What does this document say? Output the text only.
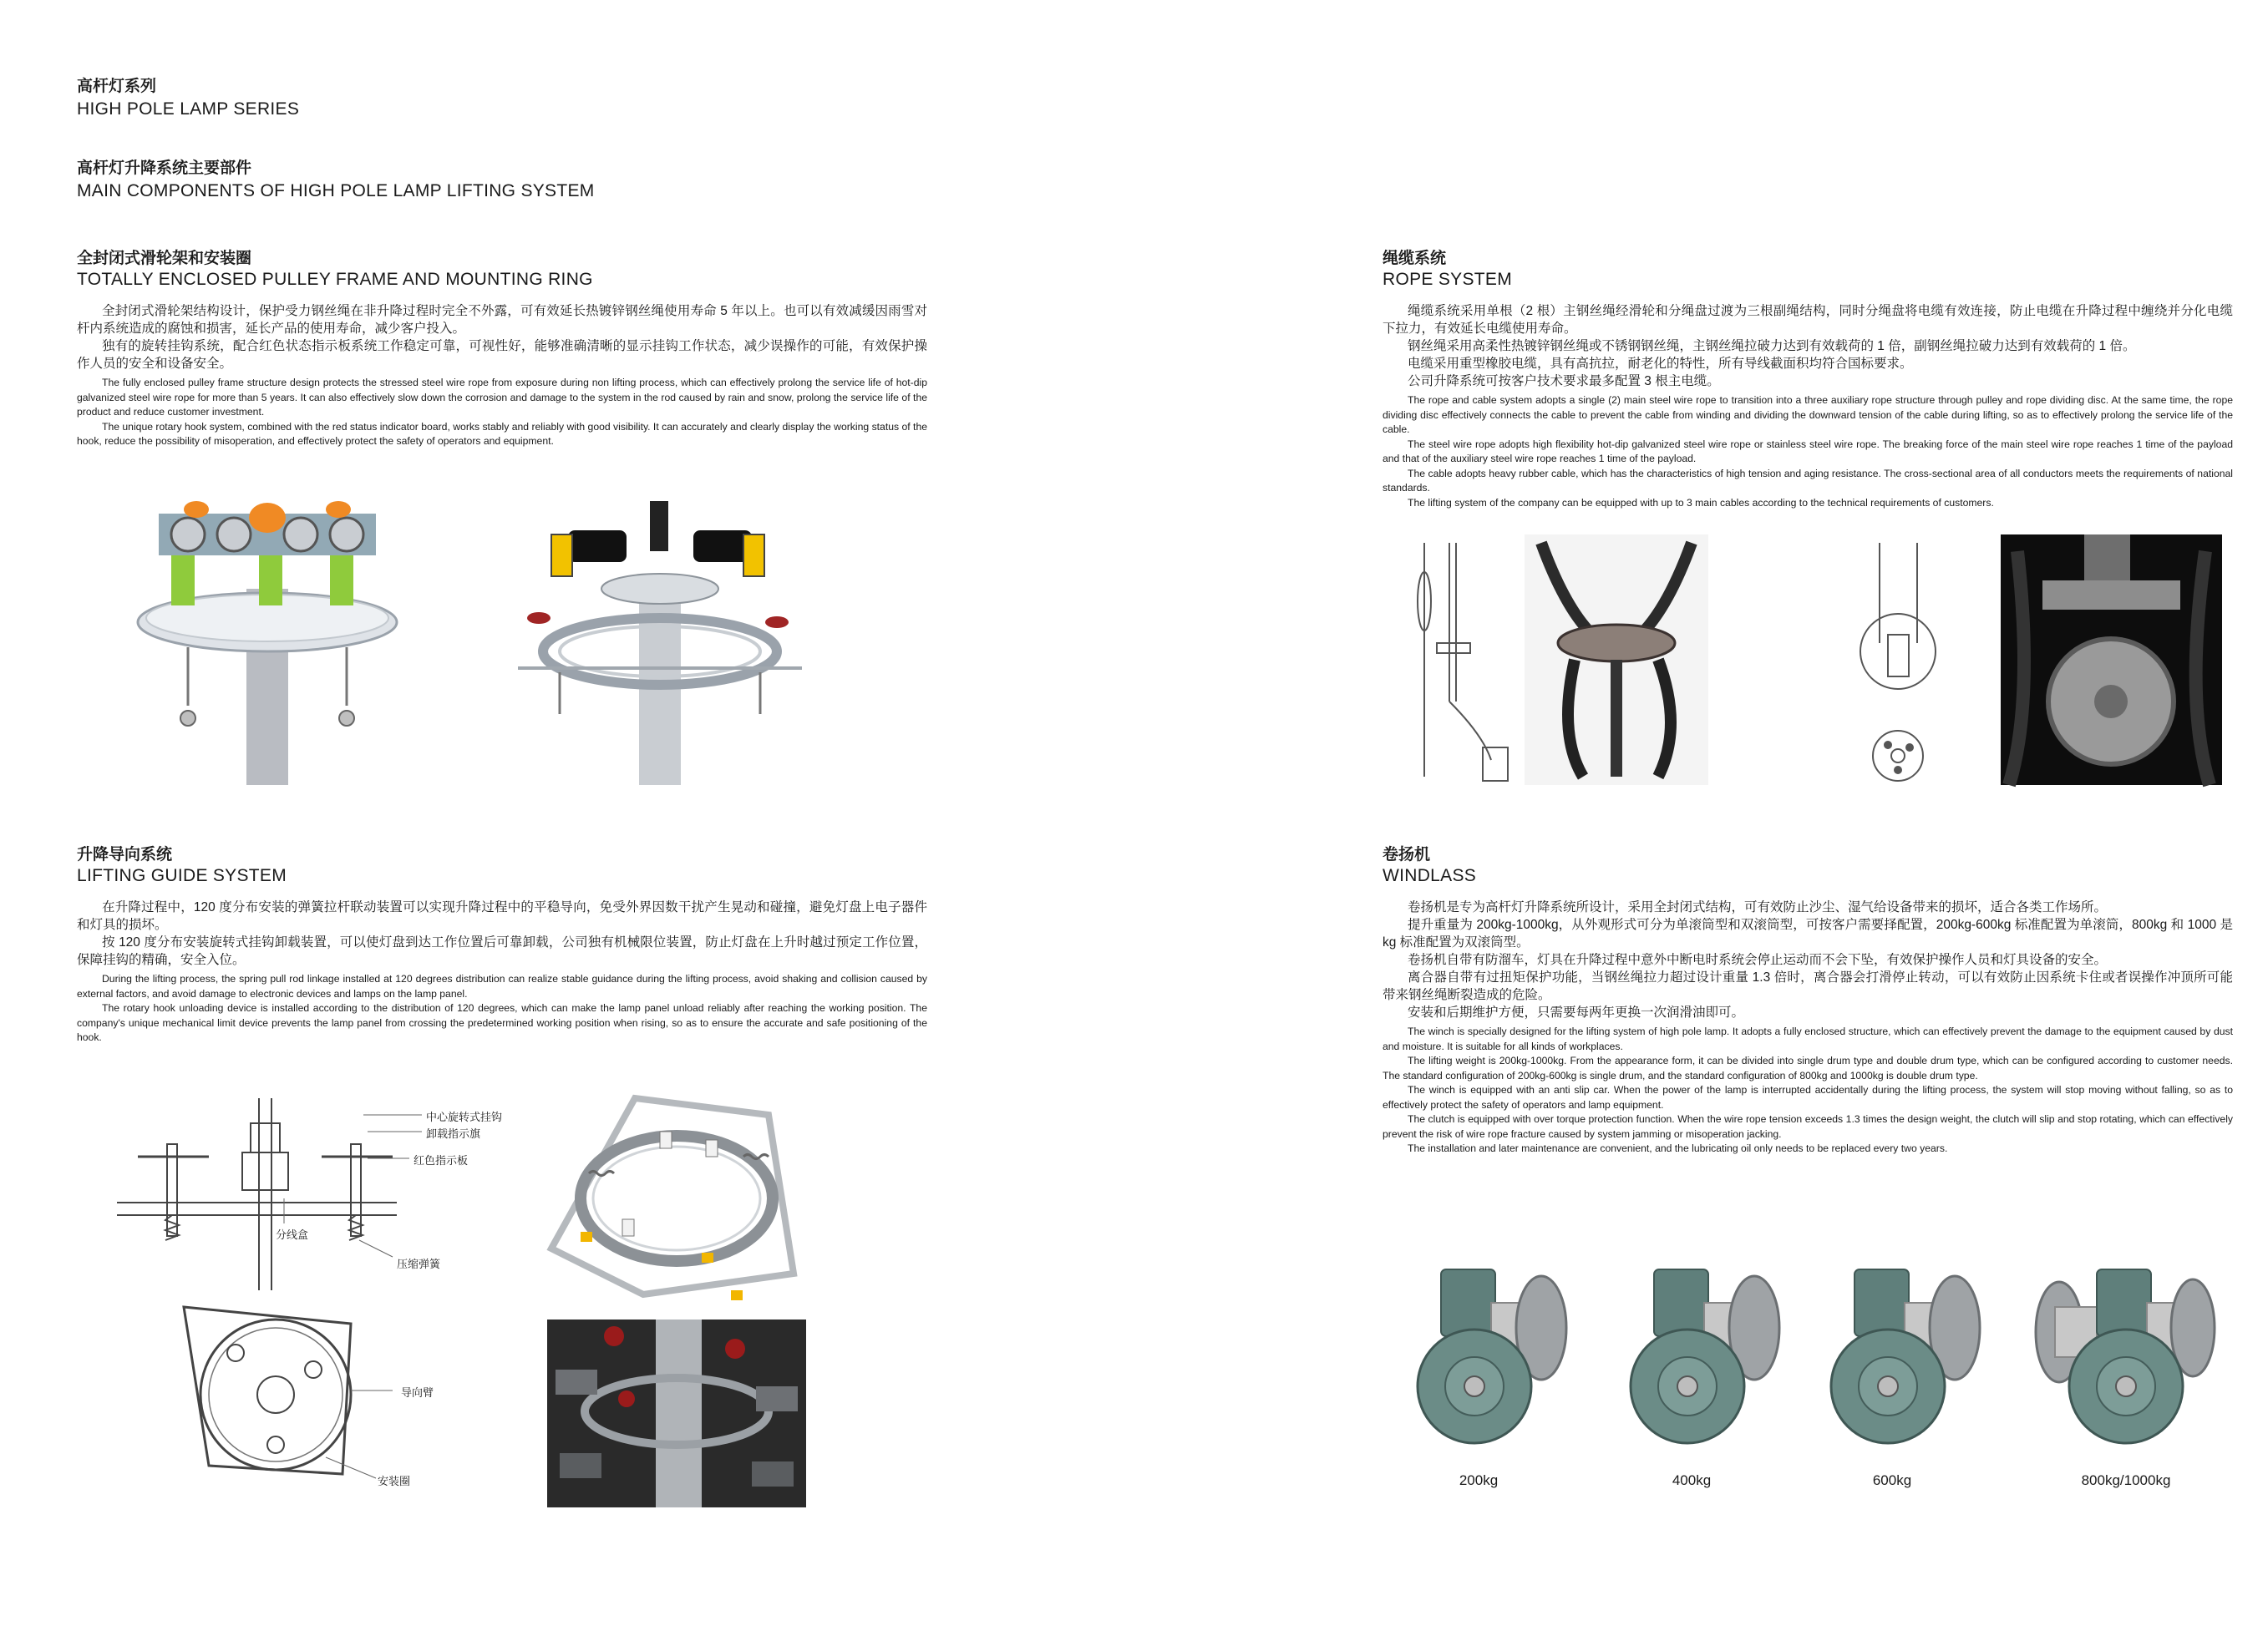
高杆灯系列
HIGH POLE LAMP SERIES
高杆灯升降系统主要部件
MAIN COMPONENTS OF HIGH POLE LAMP LIFTING SYSTEM
全封闭式滑轮架和安装圈
TOTALLY ENCLOSED PULLEY FRAME AND MOUNTING RING

全封闭式滑轮架结构设计，保护受力钢丝绳在非升降过程时完全不外露，可有效延长热镀锌钢丝绳使用寿命 5 年以上。也可以有效减缓因雨雪对杆内系统造成的腐蚀和损害，延长产品的使用寿命，减少客户投入。

独有的旋转挂钩系统，配合红色状态指示板系统工作稳定可靠，可视性好，能够准确清晰的显示挂钩工作状态，减少误操作的可能，有效保护操作人员的安全和设备安全。

The fully enclosed pulley frame structure design protects the stressed steel wire rope from exposure during non lifting process, which can effectively prolong the service life of hot-dip galvanized steel wire rope for more than 5 years. It can also effectively slow down the corrosion and damage to the system in the rod caused by rain and snow, prolong the service life of the product and reduce customer investment.

The unique rotary hook system, combined with the red status indicator board, works stably and reliably with good visibility. It can accurately and clearly display the working status of the hook, reduce the possibility of misoperation, and effectively protect the safety of operators and equipment.

绳缆系统
ROPE SYSTEM

绳缆系统采用单根（2 根）主钢丝绳经滑轮和分绳盘过渡为三根副绳结构，同时分绳盘将电缆有效连接，防止电缆在升降过程中缠绕并分化电缆下拉力，有效延长电缆使用寿命。

钢丝绳采用高柔性热镀锌钢丝绳或不锈钢钢丝绳，主钢丝绳拉破力达到有效载荷的 1 倍，副钢丝绳拉破力达到有效载荷的 1 倍。

电缆采用重型橡胶电缆，具有高抗拉，耐老化的特性，所有导线截面积均符合国标要求。

公司升降系统可按客户技术要求最多配置 3 根主电缆。

The rope and cable system adopts a single (2) main steel wire rope to transition into a three auxiliary rope structure through pulley and rope dividing disc. At the same time, the rope dividing disc effectively connects the cable to prevent the cable from winding and dividing the downward tension of the cable during lifting, so as to effectively prolong the service life of the cable.

The steel wire rope adopts high flexibility hot-dip galvanized steel wire rope or stainless steel wire rope. The breaking force of the main steel wire rope reaches 1 time of the payload and that of the auxiliary steel wire rope reaches 1 time of the payload.

The cable adopts heavy rubber cable, which has the characteristics of high tension and aging resistance. The cross-sectional area of all conductors meets the requirements of national standards.

The lifting system of the company can be equipped with up to 3 main cables according to the technical requirements of customers.

升降导向系统
LIFTING GUIDE SYSTEM

在升降过程中，120 度分布安装的弹簧拉杆联动装置可以实现升降过程中的平稳导向，免受外界因数干扰产生晃动和碰撞，避免灯盘上电子器件和灯具的损坏。

按 120 度分布安装旋转式挂钩卸载装置，可以使灯盘到达工作位置后可靠卸载，公司独有机械限位装置，防止灯盘在上升时越过预定工作位置，保障挂钩的精确，安全入位。

During the lifting process, the spring pull rod linkage installed at 120 degrees distribution can realize stable guidance during the lifting process, avoid shaking and collision caused by external factors, and avoid damage to electronic devices and lamps on the lamp panel.

The rotary hook unloading device is installed according to the distribution of 120 degrees, which can make the lamp panel unload reliably after reaching the working position. The company's unique mechanical limit device prevents the lamp panel from crossing the predetermined working position when rising, so as to ensure the accurate and safe positioning of the hook.

中心旋转式挂钩
卸载指示旗
红色指示板
分线盒
压缩弹簧
导向臂
安装圈
卷扬机
WINDLASS

卷扬机是专为高杆灯升降系统所设计，采用全封闭式结构，可有效防止沙尘、湿气给设备带来的损坏，适合各类工作场所。

提升重量为 200kg-1000kg，从外观形式可分为单滚筒型和双滚筒型，可按客户需要择配置，200kg-600kg 标准配置为单滚筒，800kg 和 1000 是 kg 标准配置为双滚筒型。

卷扬机自带有防溜车，灯具在升降过程中意外中断电时系统会停止运动而不会下坠，有效保护操作人员和灯具设备的安全。

离合器自带有过扭矩保护功能，当钢丝绳拉力超过设计重量 1.3 倍时，离合器会打滑停止转动，可以有效防止因系统卡住或者误操作冲顶所可能带来钢丝绳断裂造成的危险。

安装和后期维护方便，只需要每两年更换一次润滑油即可。

The winch is specially designed for the lifting system of high pole lamp. It adopts a fully enclosed structure, which can effectively prevent the damage to the equipment caused by dust and moisture. It is suitable for all kinds of workplaces.

The lifting weight is 200kg-1000kg. From the appearance form, it can be divided into single drum type and double drum type, which can be configured according to customer needs. The standard configuration of 200kg-600kg is single drum, and the standard configuration of 800kg and 1000kg is double drum type.

The winch is equipped with an anti slip car. When the power of the lamp is interrupted accidentally during the lifting process, the system will stop moving without falling, so as to effectively protect the safety of operators and lamp equipment.

The clutch is equipped with over torque protection function. When the wire rope tension exceeds 1.3 times the design weight, the clutch will slip and stop rotating, which can effectively prevent the risk of wire rope fracture caused by system jamming or misoperation jacking.

The installation and later maintenance are convenient, and the lubricating oil only needs to be replaced every two years.

200kg	400kg	600kg	800kg/1000kg
